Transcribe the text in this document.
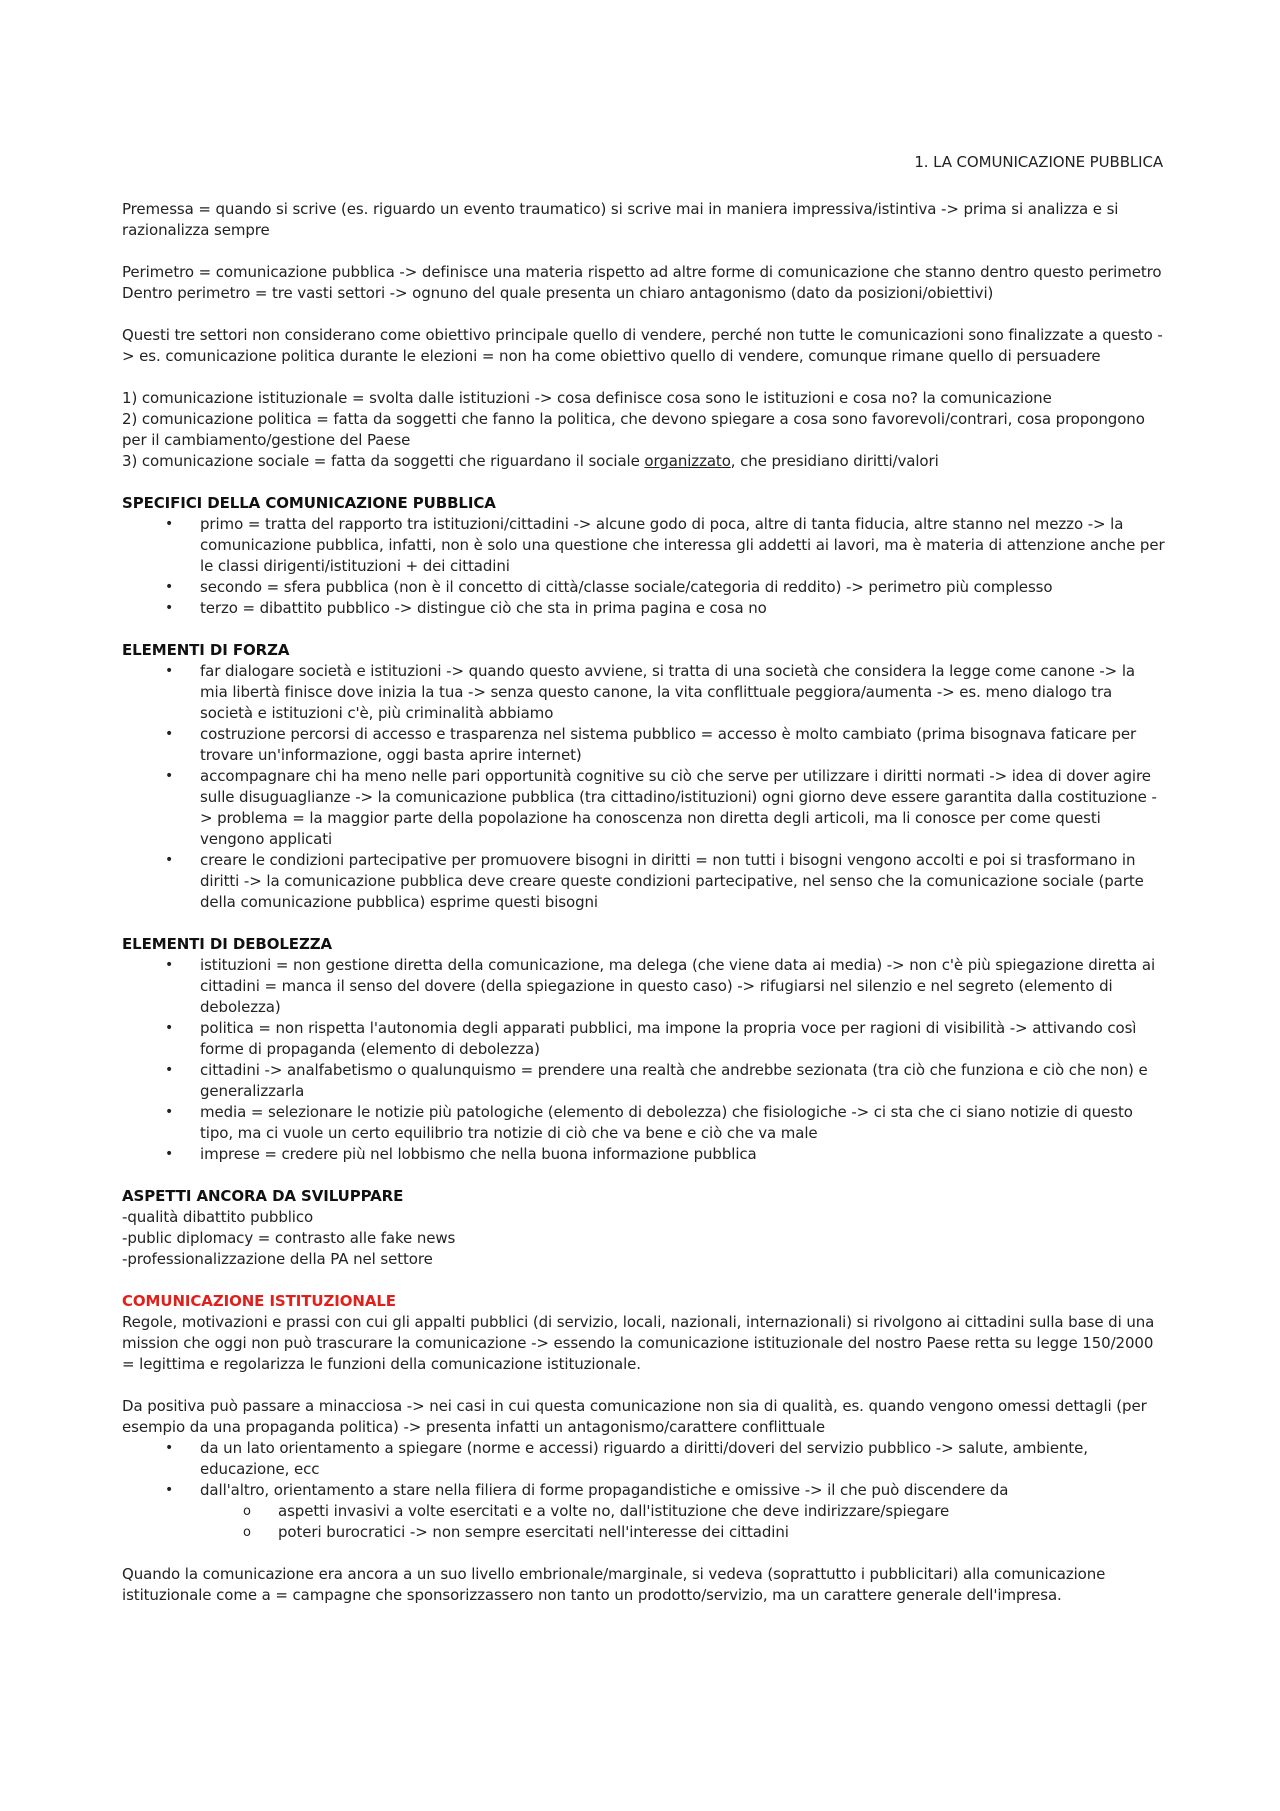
1. LA COMUNICAZIONE PUBBLICA

Premessa = quando si scrive (es. riguardo un evento traumatico) si scrive mai in maniera impressiva/istintiva -> prima si analizza e si razionalizza sempre

Perimetro = comunicazione pubblica -> definisce una materia rispetto ad altre forme di comunicazione che stanno dentro questo perimetro

Dentro perimetro = tre vasti settori -> ognuno del quale presenta un chiaro antagonismo (dato da posizioni/obiettivi)

Questi tre settori non considerano come obiettivo principale quello di vendere, perché non tutte le comunicazioni sono finalizzate a questo -> es. comunicazione politica durante le elezioni = non ha come obiettivo quello di vendere, comunque rimane quello di persuadere

1) comunicazione istituzionale = svolta dalle istituzioni -> cosa definisce cosa sono le istituzioni e cosa no? la comunicazione

2) comunicazione politica = fatta da soggetti che fanno la politica, che devono spiegare a cosa sono favorevoli/contrari, cosa propongono per il cambiamento/gestione del Paese

3) comunicazione sociale = fatta da soggetti che riguardano il sociale organizzato, che presidiano diritti/valori

SPECIFICI DELLA COMUNICAZIONE PUBBLICA

• primo = tratta del rapporto tra istituzioni/cittadini -> alcune godo di poca, altre di tanta fiducia, altre stanno nel mezzo -> la comunicazione pubblica, infatti, non è solo una questione che interessa gli addetti ai lavori, ma è materia di attenzione anche per le classi dirigenti/istituzioni + dei cittadini
• secondo = sfera pubblica (non è il concetto di città/classe sociale/categoria di reddito) -> perimetro più complesso
• terzo = dibattito pubblico -> distingue ciò che sta in prima pagina e cosa no

ELEMENTI DI FORZA

• far dialogare società e istituzioni -> quando questo avviene, si tratta di una società che considera la legge come canone -> la mia libertà finisce dove inizia la tua -> senza questo canone, la vita conflittuale peggiora/aumenta -> es. meno dialogo tra società e istituzioni c'è, più criminalità abbiamo
• costruzione percorsi di accesso e trasparenza nel sistema pubblico = accesso è molto cambiato (prima bisognava faticare per trovare un'informazione, oggi basta aprire internet)
• accompagnare chi ha meno nelle pari opportunità cognitive su ciò che serve per utilizzare i diritti normati -> idea di dover agire sulle disuguaglianze -> la comunicazione pubblica (tra cittadino/istituzioni) ogni giorno deve essere garantita dalla costituzione -> problema = la maggior parte della popolazione ha conoscenza non diretta degli articoli, ma li conosce per come questi vengono applicati
• creare le condizioni partecipative per promuovere bisogni in diritti = non tutti i bisogni vengono accolti e poi si trasformano in diritti -> la comunicazione pubblica deve creare queste condizioni partecipative, nel senso che la comunicazione sociale (parte della comunicazione pubblica) esprime questi bisogni

ELEMENTI DI DEBOLEZZA

• istituzioni = non gestione diretta della comunicazione, ma delega (che viene data ai media) -> non c'è più spiegazione diretta ai cittadini = manca il senso del dovere (della spiegazione in questo caso) -> rifugiarsi nel silenzio e nel segreto (elemento di debolezza)
• politica = non rispetta l'autonomia degli apparati pubblici, ma impone la propria voce per ragioni di visibilità -> attivando così forme di propaganda (elemento di debolezza)
• cittadini -> analfabetismo o qualunquismo = prendere una realtà che andrebbe sezionata (tra ciò che funziona e ciò che non) e generalizzarla
• media = selezionare le notizie più patologiche (elemento di debolezza) che fisiologiche -> ci sta che ci siano notizie di questo tipo, ma ci vuole un certo equilibrio tra notizie di ciò che va bene e ciò che va male
• imprese = credere più nel lobbismo che nella buona informazione pubblica

ASPETTI ANCORA DA SVILUPPARE

-qualità dibattito pubblico

-public diplomacy = contrasto alle fake news

-professionalizzazione della PA nel settore

COMUNICAZIONE ISTITUZIONALE

Regole, motivazioni e prassi con cui gli appalti pubblici (di servizio, locali, nazionali, internazionali) si rivolgono ai cittadini sulla base di una mission che oggi non può trascurare la comunicazione -> essendo la comunicazione istituzionale del nostro Paese retta su legge 150/2000 = legittima e regolarizza le funzioni della comunicazione istituzionale.

Da positiva può passare a minacciosa -> nei casi in cui questa comunicazione non sia di qualità, es. quando vengono omessi dettagli (per esempio da una propaganda politica) -> presenta infatti un antagonismo/carattere conflittuale

• da un lato orientamento a spiegare (norme e accessi) riguardo a diritti/doveri del servizio pubblico -> salute, ambiente, educazione, ecc
• dall'altro, orientamento a stare nella filiera di forme propagandistiche e omissive -> il che può discendere da
o aspetti invasivi a volte esercitati e a volte no, dall'istituzione che deve indirizzare/spiegare
o poteri burocratici -> non sempre esercitati nell'interesse dei cittadini

Quando la comunicazione era ancora a un suo livello embrionale/marginale, si vedeva (soprattutto i pubblicitari) alla comunicazione istituzionale come a = campagne che sponsorizzassero non tanto un prodotto/servizio, ma un carattere generale dell'impresa.
